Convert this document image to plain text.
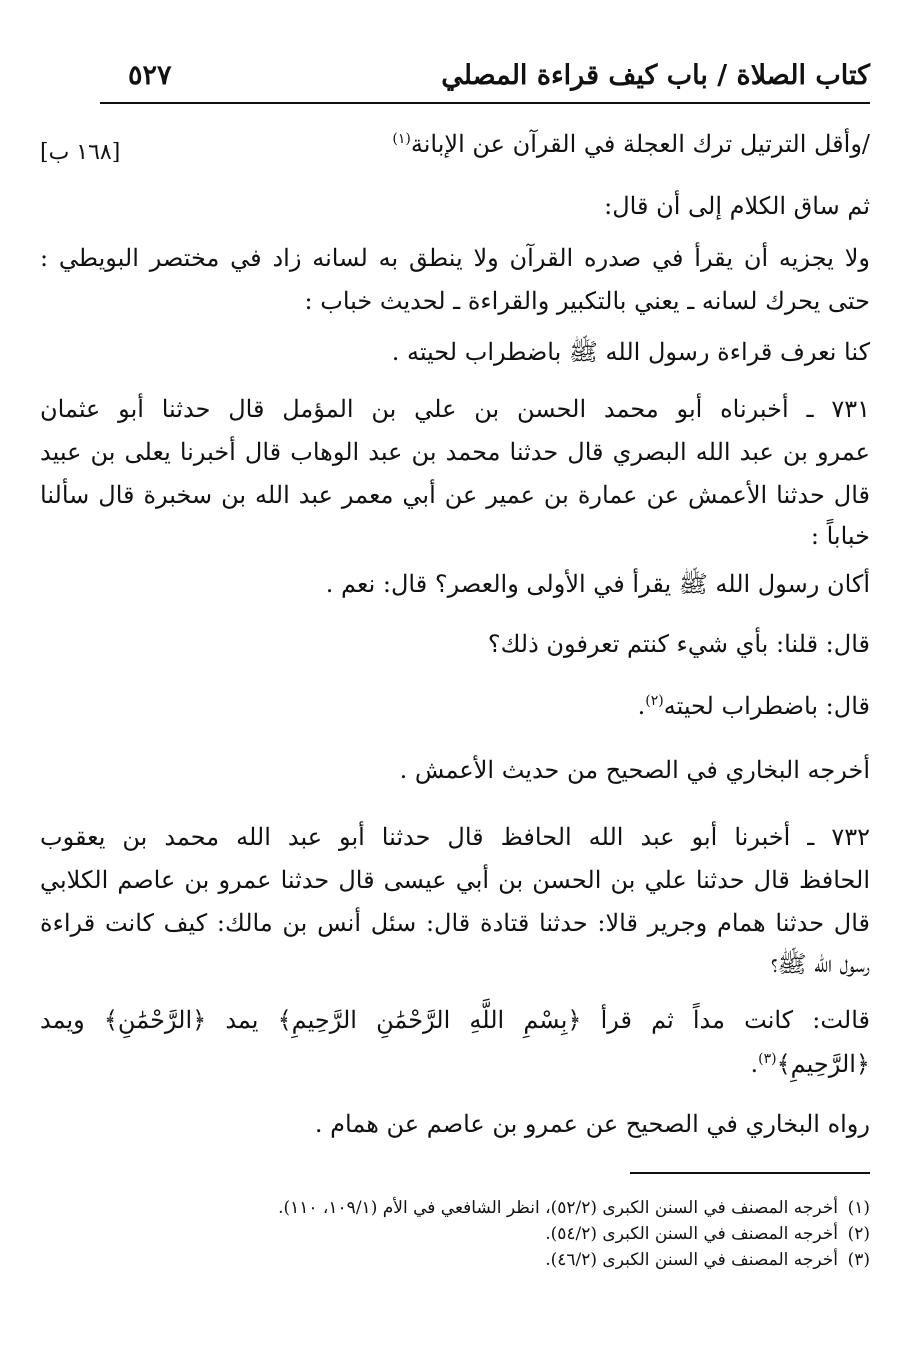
كتاب الصلاة / باب كيف قراءة المصلي
٥٢٧
[١٦٨ ب]	/وأقل الترتيل ترك العجلة في القرآن عن الإبانة$^{(١)}$
ثم ساق الكلام إلى أن قال:
ولا يجزيه أن يقرأ في صدره القرآن ولا ينطق به لسانه زاد في مختصر البويطي :
حتى يحرك لسانه ـ يعني بالتكبير والقراءة ـ لحديث خباب :
كنا نعرف قراءة رسول الله ﷺ باضطراب لحيته .
٧٣١ ـ أخبرناه أبو محمد الحسن بن علي بن المؤمل قال حدثنا أبو عثمان
عمرو بن عبد الله البصري قال حدثنا محمد بن عبد الوهاب قال أخبرنا يعلى بن عبيد
قال حدثنا الأعمش عن عمارة بن عمير عن أبي معمر عبد الله بن سخبرة قال سألنا
خباباً :
أكان رسول الله ﷺ يقرأ في الأولى والعصر؟ قال: نعم .
قال: قلنا: بأي شيء كنتم تعرفون ذلك؟
قال: باضطراب لحيته$^{(٢)}$.
أخرجه البخاري في الصحيح من حديث الأعمش .
٧٣٢ ـ أخبرنا أبو عبد الله الحافظ قال حدثنا أبو عبد الله محمد بن يعقوب
الحافظ قال حدثنا علي بن الحسن بن أبي عيسى قال حدثنا عمرو بن عاصم الكلابي
قال حدثنا همام وجرير قالا: حدثنا قتادة قال: سئل أنس بن مالك: كيف كانت قراءة
رسول الله ﷺ؟
قالت: كانت مداً ثم قرأ ﴿بِسْمِ اللَّهِ الرَّحْمَٰنِ الرَّحِيمِ﴾ يمد ﴿الرَّحْمَٰنِ﴾ ويمد
﴿الرَّحِيمِ﴾$^{(٣)}$.
رواه البخاري في الصحيح عن عمرو بن عاصم عن همام .
(١)أخرجه المصنف في السنن الكبرى (٥٢/٢)، انظر الشافعي في الأم (١٠٩/١، ١١٠).
(٢)أخرجه المصنف في السنن الكبرى (٥٤/٢).
(٣)أخرجه المصنف في السنن الكبرى (٤٦/٢).
